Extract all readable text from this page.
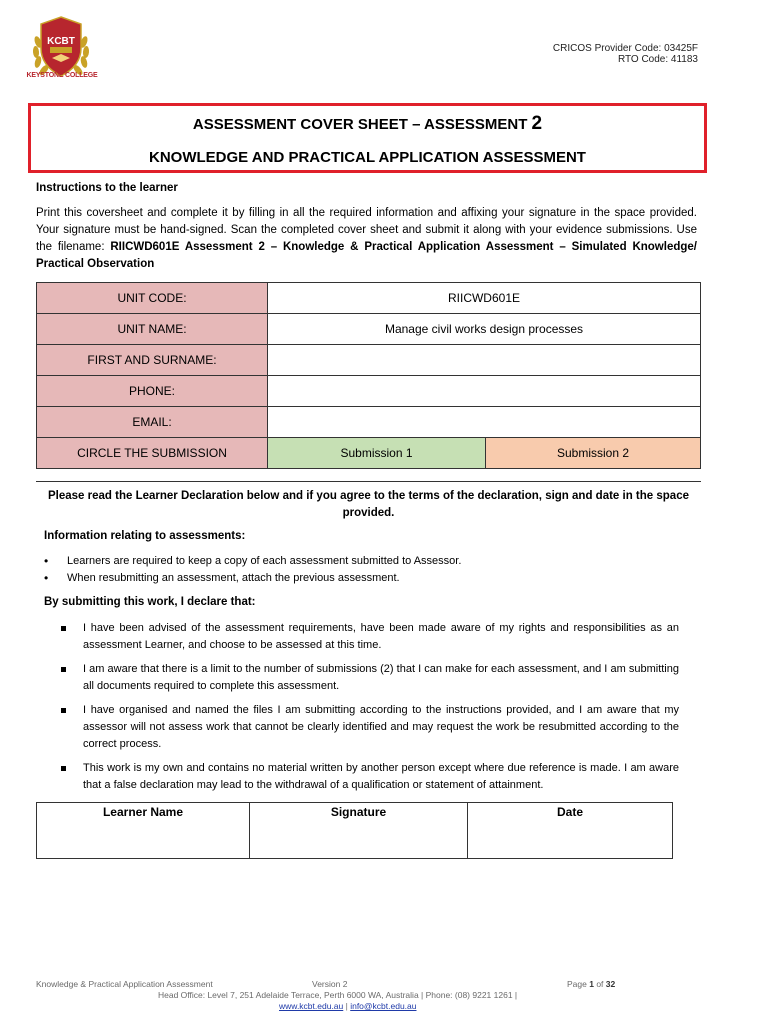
KCBT
KEYSTONE COLLEGE
CRICOS Provider Code: 03425F
RTO Code: 41183
ASSESSMENT COVER SHEET – ASSESSMENT 2
KNOWLEDGE AND PRACTICAL APPLICATION ASSESSMENT
Instructions to the learner
Print this coversheet and complete it by filling in all the required information and affixing your signature in the space provided. Your signature must be hand-signed. Scan the completed cover sheet and submit it along with your evidence submissions. Use the filename: RIICWD601E Assessment 2 – Knowledge & Practical Application Assessment – Simulated Knowledge/ Practical Observation
UNIT CODE:	RIICWD601E	
UNIT NAME:	Manage civil works design processes	
FIRST AND SURNAME:		
PHONE:		
EMAIL:		
CIRCLE THE SUBMISSION	Submission 1	Submission 2
Please read the Learner Declaration below and if you agree to the terms of the declaration, sign and date in the space provided.
Information relating to assessments:
• Learners are required to keep a copy of each assessment submitted to Assessor.
• When resubmitting an assessment, attach the previous assessment.
By submitting this work, I declare that:
I have been advised of the assessment requirements, have been made aware of my rights and responsibilities as an assessment Learner, and choose to be assessed at this time.
I am aware that there is a limit to the number of submissions (2) that I can make for each assessment, and I am submitting all documents required to complete this assessment.
I have organised and named the files I am submitting according to the instructions provided, and I am aware that my assessor will not assess work that cannot be clearly identified and may request the work be resubmitted according to the correct process.
This work is my own and contains no material written by another person except where due reference is made. I am aware that a false declaration may lead to the withdrawal of a qualification or statement of attainment.
Learner Name	Signature	Date
Knowledge & Practical Application Assessment	Version 2	Page 1 of 32
Head Office: Level 7, 251 Adelaide Terrace, Perth 6000 WA, Australia | Phone: (08) 9221 1261 |
www.kcbt.edu.au | info@kcbt.edu.au
